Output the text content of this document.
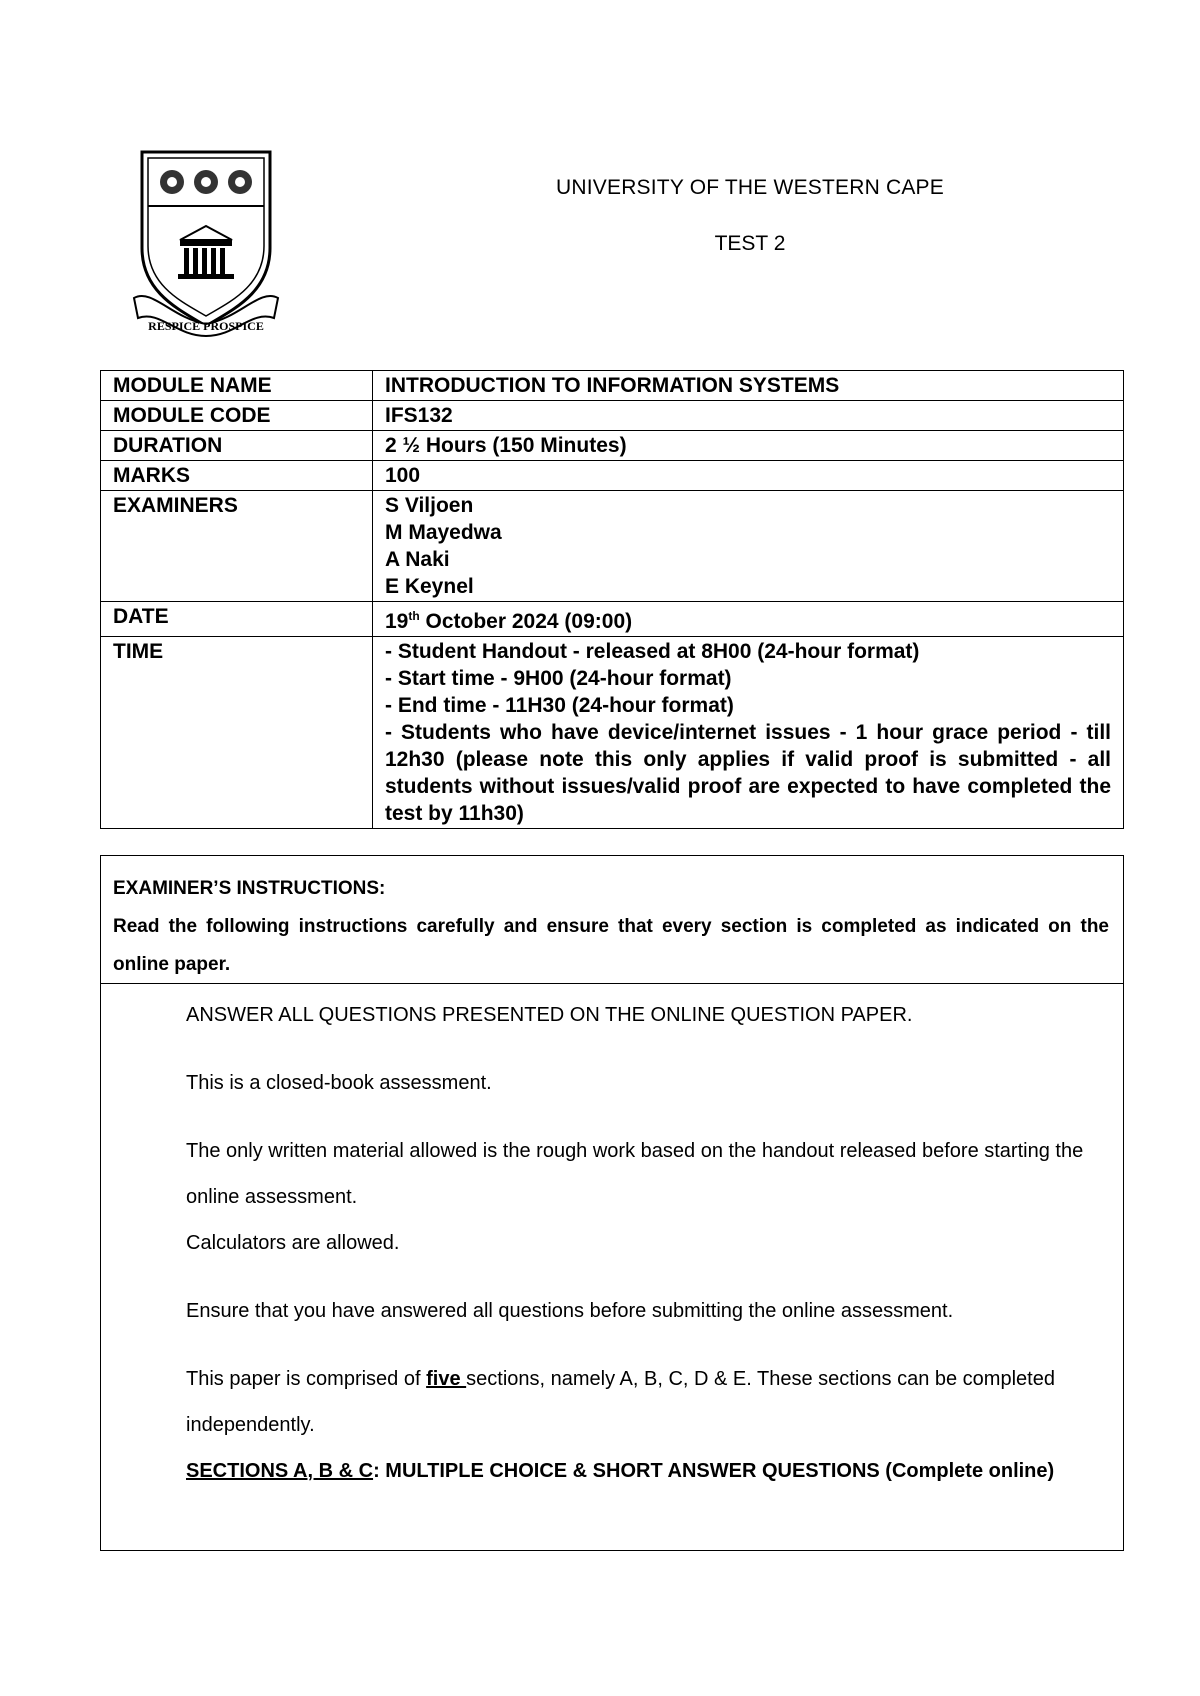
RESPICE PROSPICE
UNIVERSITY OF THE WESTERN CAPE
TEST 2
MODULE NAME	INTRODUCTION TO INFORMATION SYSTEMS
MODULE CODE	IFS132
DURATION	2 ½ Hours (150 Minutes)
MARKS	100
EXAMINERS	S Viljoen
M Mayedwa
A Naki
E Keynel

DATE	19th October 2024 (09:00)
TIME	- Student Handout - released at 8H00 (24-hour format)
- Start time - 9H00 (24-hour format)
- End time - 11H30 (24-hour format)
- Students who have device/internet issues - 1 hour grace period - till 12h30 (please note this only applies if valid proof is submitted - all students without issues/valid proof are expected to have completed the test by 11h30)
EXAMINER’S INSTRUCTIONS:
Read the following instructions carefully and ensure that every section is completed as indicated on the online paper.

ANSWER ALL QUESTIONS PRESENTED ON THE ONLINE QUESTION PAPER.

This is a closed-book assessment.

The only written material allowed is the rough work based on the handout released before starting the online assessment.

Calculators are allowed.

Ensure that you have answered all questions before submitting the online assessment.

This paper is comprised of five sections, namely A, B, C, D & E. These sections can be completed independently.

SECTIONS A, B & C: MULTIPLE CHOICE & SHORT ANSWER QUESTIONS (Complete online)
